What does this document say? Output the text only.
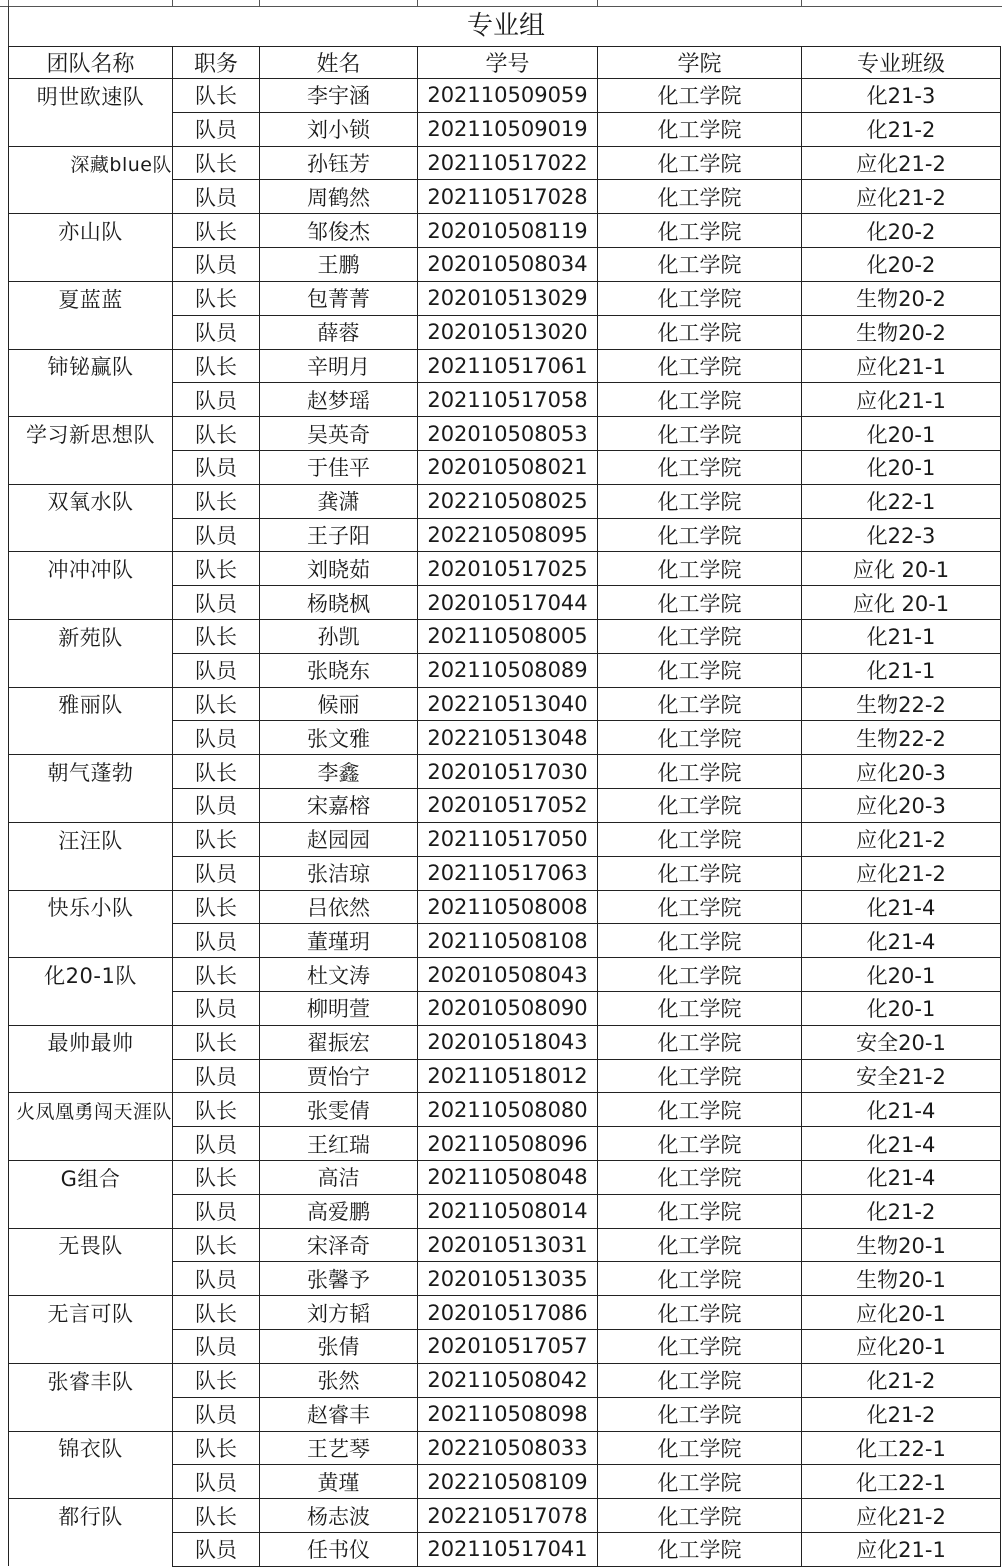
专业组
团队名称	职务	姓名	学号	学院	专业班级
明世欧速队	队长	李宇涵	202110509059	化工学院	化21-3
	队员	刘小锁	202110509019	化工学院	化21-2
深藏blue队	队长	孙钰芳	202110517022	化工学院	应化21-2
	队员	周鹤然	202110517028	化工学院	应化21-2
亦山队	队长	邹俊杰	202010508119	化工学院	化20-2
	队员	王鹏	202010508034	化工学院	化20-2
夏蓝蓝	队长	包菁菁	202010513029	化工学院	生物20-2
	队员	薛蓉	202010513020	化工学院	生物20-2
铈铋赢队	队长	辛明月	202110517061	化工学院	应化21-1
	队员	赵梦瑶	202110517058	化工学院	应化21-1
学习新思想队	队长	吴英奇	202010508053	化工学院	化20-1
	队员	于佳平	202010508021	化工学院	化20-1
双氧水队	队长	龚潇	202210508025	化工学院	化22-1
	队员	王子阳	202210508095	化工学院	化22-3
冲冲冲队	队长	刘晓茹	202010517025	化工学院	应化 20-1
	队员	杨晓枫	202010517044	化工学院	应化 20-1
新苑队	队长	孙凯	202110508005	化工学院	化21-1
	队员	张晓东	202110508089	化工学院	化21-1
雅丽队	队长	候丽	202210513040	化工学院	生物22-2
	队员	张文雅	202210513048	化工学院	生物22-2
朝气蓬勃	队长	李鑫	202010517030	化工学院	应化20-3
	队员	宋嘉榕	202010517052	化工学院	应化20-3
汪汪队	队长	赵园园	202110517050	化工学院	应化21-2
	队员	张洁琼	202110517063	化工学院	应化21-2
快乐小队	队长	吕依然	202110508008	化工学院	化21-4
	队员	董瑾玥	202110508108	化工学院	化21-4
化20-1队	队长	杜文涛	202010508043	化工学院	化20-1
	队员	柳明萱	202010508090	化工学院	化20-1
最帅最帅	队长	翟振宏	202010518043	化工学院	安全20-1
	队员	贾怡宁	202110518012	化工学院	安全21-2
火凤凰勇闯天涯队	队长	张雯倩	202110508080	化工学院	化21-4
	队员	王红瑞	202110508096	化工学院	化21-4
G组合	队长	高洁	202110508048	化工学院	化21-4
	队员	高爱鹏	202110508014	化工学院	化21-2
无畏队	队长	宋泽奇	202010513031	化工学院	生物20-1
	队员	张馨予	202010513035	化工学院	生物20-1
无言可队	队长	刘方韬	202010517086	化工学院	应化20-1
	队员	张倩	202010517057	化工学院	应化20-1
张睿丰队	队长	张然	202110508042	化工学院	化21-2
	队员	赵睿丰	202110508098	化工学院	化21-2
锦衣队	队长	王艺琴	202210508033	化工学院	化工22-1
	队员	黄瑾	202210508109	化工学院	化工22-1
都行队	队长	杨志波	202210517078	化工学院	应化21-2
	队员	任书仪	202110517041	化工学院	应化21-1
